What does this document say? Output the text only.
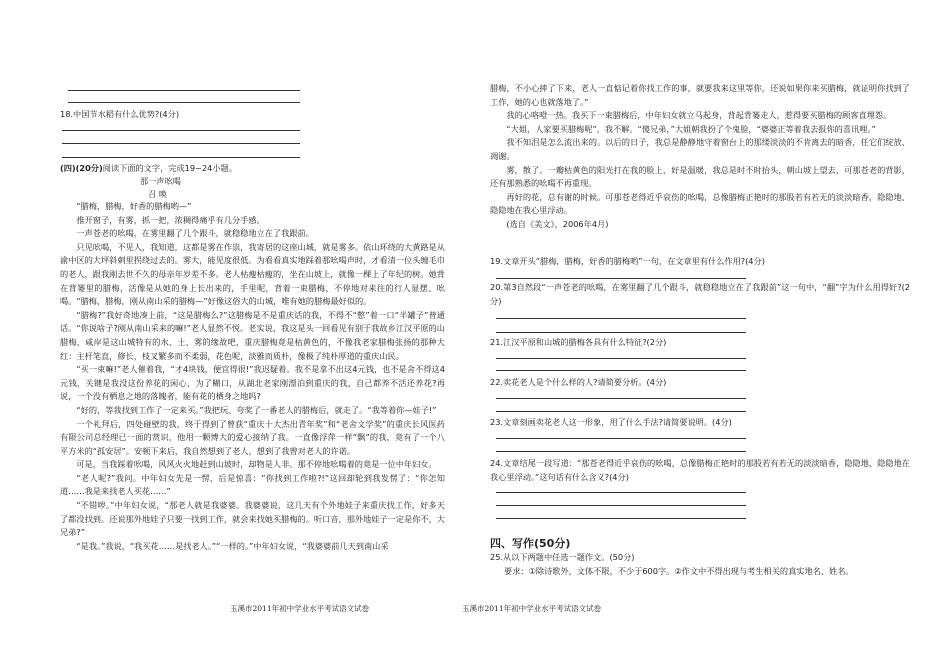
18.中国节水稻有什么优势?(4分)
(四)(20分)阅读下面的文字，完成19~24小题。
那一声吆喝
召 唤
“腊梅，腊梅，好香的腊梅哟—”
推开窗子，有雾，抓一把，浓稠得痛乎有几分手感。
一声苍老的吆喝，在雾里翻了几个跟斗，就稳稳地立在了我跟前。
只见吆喝，不见人，我知道，这都是雾在作祟，我寄居的这座山城，就是雾多。依山环绕的大黄路是从渝中区的大坪斜刺里拐绕过去的。雾大，能见度很低。为看看真实地踩着那吆喝声时，才看清一位头缠毛巾的老人，跟我刚去世不久的母亲年岁差不多。老人枯瘦枯瘦的，坐在山坡上，就像一棵上了年纪的树。她背在背篓里的腊梅，活像是从她的身上长出来的，手里呢，背着一束腊梅，不停地对来往的行人显摆、吆喝。“腊梅，腊梅，刚从南山采的腊梅—”好像这俗大的山城，唯有她的腊梅最好似的。
“腊梅?”我好奇地凑上前，“这是腊梅么?”这腊梅是不是重庆话的我，不得不“憋”着一口“半罐子”普通话。“你说啥子?刚从南山采来的嘛!”老人显然不悦。老实说，我这是头一回看见有别于我故乡江汉平原的山腊梅，咸岸是这山城特有的水、土、雾的缘故吧，重庆腊梅竟是枯黄色的，不像我老家腊梅张扬的那种大红：主杆笔直，修长，枝叉繁多而不柔弱，花色呢，淡雅而质朴，像极了纯朴厚道的重庆山民。
“买一束嘛!”老人催着我，“才4块钱，便宜得很!”我迟疑着。我不是拿不出这4元钱，也不是舍不得这4元钱，关键是我没这份养花的闲心，为了糊口，从湖北老家刚漂泊到重庆的我，自己都养不活还养花?再说，一个没有栖息之地的落魄者，能有花的栖身之地吗?
“好的，等我找到工作了一定来买。”我把玩、夸奖了一番老人的腊梅后，就走了。“我等着你—娃子!”
一个礼拜后，四处碰壁的我，终于得到了曾获“重庆十大杰出青年奖”和“老舍文学奖”的重庆长风医药有限公司总经理已一面的赏识，他用一颗博大的爱心接纳了我。一直像浮萍一样“飘”的我，竟有了一个八平方米的“孤安居”。安顿下来后，我自然想到了老人，想到了我曾对老人的许诺。
可是，当我踩着吆喝，风风火火地赶到山坡时，却物是人非。那不停地吆喝着的竟是一位中年妇女。
“老人呢?”我问。中年妇女先是一愣，后是惊喜：“你找到工作啦?!”这回却轮到我发愣了：“你怎知道……我是来找老人买花……”
“不错哕。”中年妇女说，“那老人就是我婆婆。我婆婆说，这几天有个外地娃子来重庆找工作，好多天了都没找到。还说那外地娃子只要一找到工作，就会来找她买腊梅的。听口音，那外地娃子一定是你不，大兄弟?”
“是我。”我说，“我买花……是找老人。”“一样的。”中年妇女说，“我婆婆前几天到南山采
玉溪市2011年初中学业水平考试语文试卷
腊梅，不小心摔了下来，老人一直惦记着你找工作的事，就要我来这里等你，还说如果你来买腊梅，就证明你找到了工作，她的心也就落地了。”
我的心咯噔一热。我买下一束腊梅后，中年妇女就立马起身，背起背篓走人，惹得要买腊梅的顾客直埋怨。
“大姐，人家要买腊梅呢”，我不解。“傻兄弟，”大姐朝我扮了个鬼脸，“婆婆正等着我去报你的喜讯哩。”
我不知泪是怎么流出来的。以后的日子，我总是静静地守着窗台上的那缕淡淡的不肯离去的暗香，任它们绽放、凋谢。
雾，散了。一瓣枯黄色的阳光打在我的脸上，好是温暖，我总是时不时抬头，朝山坡上望去，可那苍老的背影，还有那熟悉的吆喝不再重现。
再好的花，总有谢的时候。可那苍老得近乎哀伤的吆喝，总像腊梅正艳时的那股若有若无的淡淡暗香，隐隐地、隐隐地在我心里浮动。
(选自《美文》，2006年4月)
19.文章开头“腊梅，腊梅，好香的腊梅哟”一句，在文章里有什么作用?(4分)
20.第3自然段“一声苍老的吆喝，在雾里翻了几个跟斗，就稳稳地立在了我跟前”这一句中，“翻”字为什么用得好?(2分)
21.江汉平原和山城的腊梅各具有什么特征?(2分)
22.卖花老人是个什么样的人?请简要分析。(4分)
23.文章刻画卖花老人这一形象，用了什么手法?请简要说明。(4分)
24.文章结尾一段写道：“那苍老得近乎哀伤的吆喝，总像腊梅正艳时的那股若有若无的淡淡暗香，隐隐地、隐隐地在我心里浮动。”这句话有什么含义?(4分)
四、写作(50分)
25.从以下两题中任选一题作文。(50分)
要求：①除诗歌外，文体不限，不少于600字。②作文中不得出现与考生相关的真实地名、姓名。
玉溪市2011年初中学业水平考试语文试卷
